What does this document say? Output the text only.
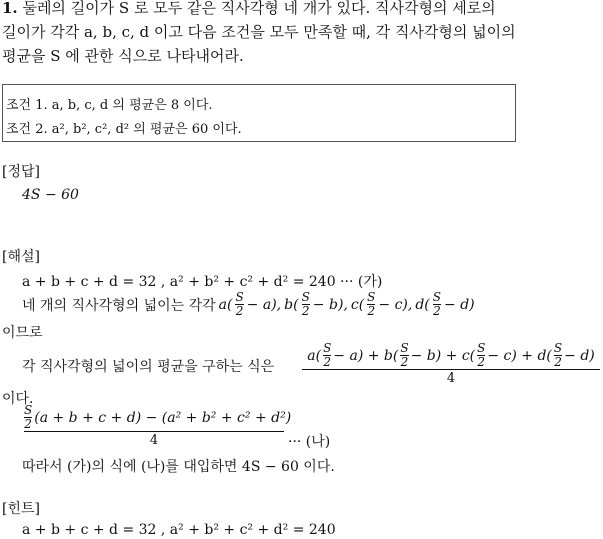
1. 둘레의 길이가 S 로 모두 같은 직사각형 네 개가 있다. 직사각형의 세로의
길이가 각각 a, b, c, d 이고 다음 조건을 모두 만족할 때, 각 직사각형의 넓이의
평균을 S 에 관한 식으로 나타내어라.
조건 1. a, b, c, d 의 평균은 8 이다.
조건 2. a², b², c², d² 의 평균은 60 이다.
[정답]
4S − 60
[해설]
a + b + c + d = 32 , a² + b² + c² + d² = 240 ··· (가)
네 개의 직사각형의 넓이는 각각 $a( \frac{S}{2} - a)$, $b( \frac{S}{2} - b)$, $c( \frac{S}{2} - c)$, $d( \frac{S}{2} - d)$
이므로
각 직사각형의 넓이의 평균을 구하는 식은
$a( \frac{S}{2} - a) + b( \frac{S}{2} - b) + c( \frac{S}{2} - c) + d( \frac{S}{2} - d)$
4
이다.
$\frac{S}{2} (a + b + c + d) - (a^2 + b^2 + c^2 + d^2)$
4	··· (나)
따라서 (가)의 식에 (나)를 대입하면 4S − 60 이다.
[힌트]
a + b + c + d = 32 , a² + b² + c² + d² = 240
